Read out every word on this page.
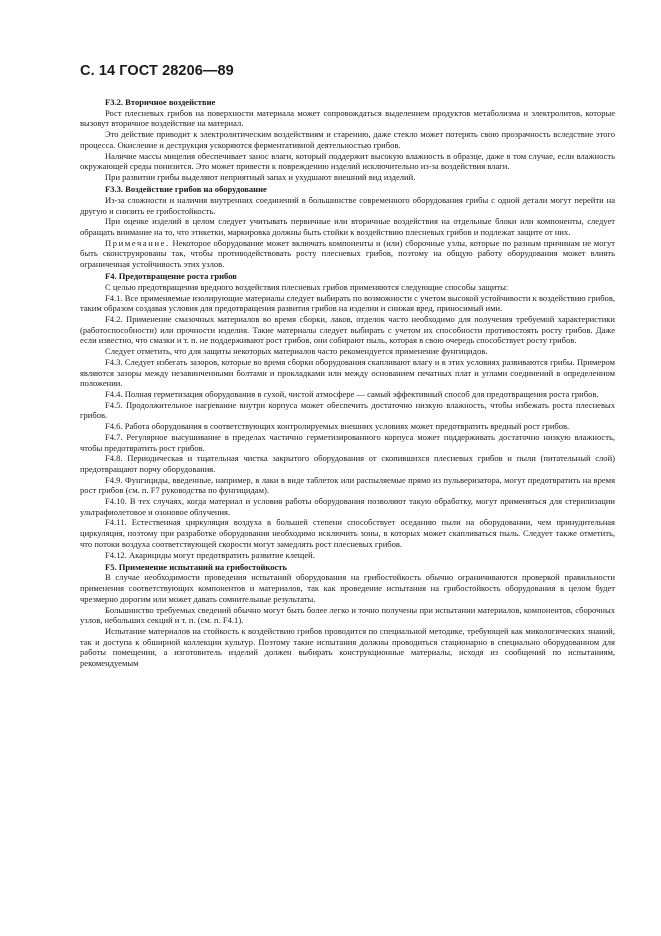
С. 14 ГОСТ 28206—89
F3.2. Вторичное воздействие

Рост плесневых грибов на поверхности материала может сопровождаться выделением продуктов метаболизма и электролитов, которые вызовут вторичное воздействие на материал.

Это действие приводит к электролитическим воздействиям и старению, даже стекло может потерять свою прозрачность вследствие этого процесса. Окисление и деструкция ускоряются ферментативной деятельностью грибов.

Наличие массы мицелия обеспечивает занос влаги, который поддержит высокую влажность в образце, даже в том случае, если влажность окружающей среды понизится. Это может привести к повреждению изделий исключительно из-за воздействия влаги.

При развитии грибы выделяют неприятный запах и ухудшают внешний вид изделий.

F3.3. Воздействие грибов на оборудование

Из-за сложности и наличия внутренних соединений в большинстве современного оборудования грибы с одной детали могут перейти на другую и снизить ее грибостойкость.

При оценке изделий в целом следует учитывать первичные или вторичные воздействия на отдельные блоки или компоненты, следует обращать внимание на то, что этикетки, маркировка должны быть стойки к воздействию плесневых грибов и подлежат защите от них.

Примечание. Некоторое оборудование может включать компоненты и (или) сборочные узлы, которые по разным причинам не могут быть сконструированы так, чтобы противодействовать росту плесневых грибов, поэтому на общую работу оборудования может влиять ограниченная устойчивость этих узлов.

F4. Предотвращение роста грибов

С целью предотвращения вредного воздействия плесневых грибов применяются следующие способы защиты:

F4.1. Все применяемые изолирующие материалы следует выбирать по возможности с учетом высокой устойчивости к воздействию грибов, таким образом создавая условия для предотвращения развития грибов на изделии и снижая вред, приносимый ими.

F4.2. Применение смазочных материалов во время сборки, лаков, отделок часто необходимо для получения требуемой характеристики (работоспособности) или прочности изделия. Такие материалы следует выбирать с учетом их способности противостоять росту грибов. Даже если известно, что смазки и т. п. не поддерживают рост грибов, они собирают пыль, которая в свою очередь способствует росту грибов.

Следует отметить, что для защиты некоторых материалов часто рекомендуется применение фунгицидов.

F4.3. Следует избегать зазоров, которые во время сборки оборудования скапливают влагу и в этих условиях развиваются грибы. Примером являются зазоры между незавинченными болтами и прокладками или между основанием печатных плат и углами соединений в определенном положении.

F4.4. Полная герметизация оборудования в сухой, чистой атмосфере — самый эффективный способ для предотвращения роста грибов.

F4.5. Продолжительное нагревание внутри корпуса может обеспечить достаточно низкую влажность, чтобы избежать роста плесневых грибов.

F4.6. Работа оборудования в соответствующих контролируемых внешних условиях может предотвратить вредный рост грибов.

F4.7. Регулярное высушивание в пределах частично герметизированного корпуса может поддерживать достаточно низкую влажность, чтобы предотвратить рост грибов.

F4.8. Периодическая и тщательная чистка закрытого оборудования от скопившихся плесневых грибов и пыли (питательный слой) предотвращают порчу оборудования.

F4.9. Фунгициды, введенные, например, в лаки в виде таблеток или распыляемые прямо из пульверизатора, могут предотвратить на время рост грибов (см. п. F7 руководства по фунгицидам).

F4.10. В тех случаях, когда материал и условия работы оборудования позволяют такую обработку, могут применяться для стерилизации ультрафиолетовое и озоновое облучения.

F4.11. Естественная циркуляция воздуха в большей степени способствует оседанию пыли на оборудовании, чем принудительная циркуляция, поэтому при разработке оборудования необходимо исключить зоны, в которых может скапливаться пыль. Следует также отметить, что потоки воздуха соответствующей скорости могут замедлять рост плесневых грибов.

F4.12. Акарициды могут предотвратить развитие клещей.

F5. Применение испытаний на грибостойкость

В случае необходимости проведения испытаний оборудования на грибостойкость обычно ограничиваются проверкой правильности применения соответствующих компонентов и материалов, так как проведение испытания на грибостойкость оборудования в целом будет чрезмерно дорогим или может давать сомнительные результаты.

Большинство требуемых сведений обычно могут быть более легко и точно получены при испытании материалов, компонентов, сборочных узлов, небольших секций и т. п. (см. п. F4.1).

Испытание материалов на стойкость к воздействию грибов проводится по специальной методике, требующей как микологических знаний, так и доступа к обширной коллекции культур. Поэтому такие испытания должны проводиться стационарно в специально оборудованном для работы помещении, а изготовитель изделий должен выбирать конструкционные материалы, исходя из сообщений по испытаниям, рекомендуемым
